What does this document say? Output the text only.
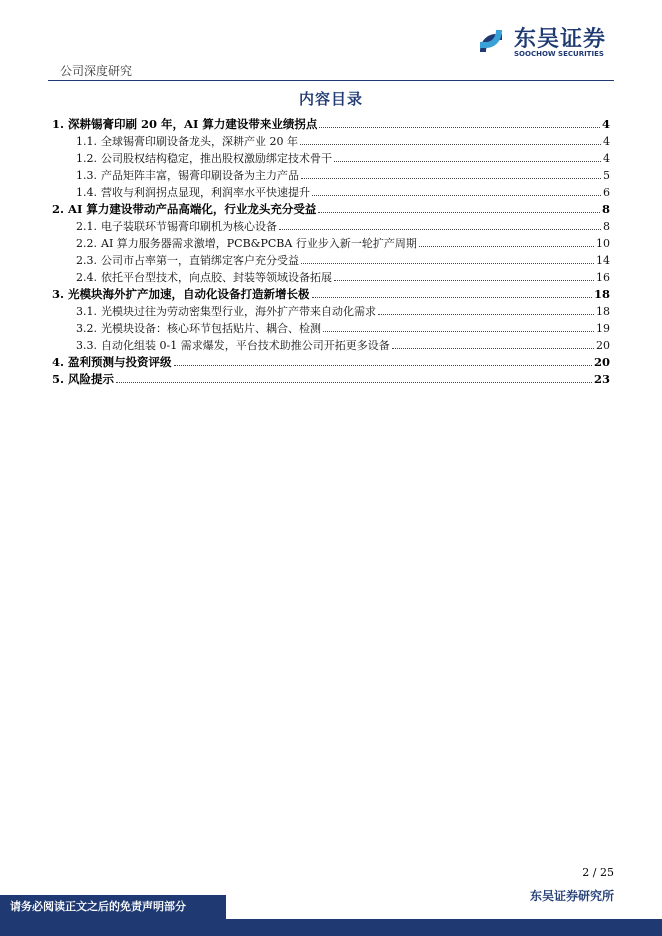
东吴证券
SOOCHOW SECURITIES
公司深度研究
内容目录
1. 深耕锡膏印刷 20 年，AI 算力建设带来业绩拐点	4
1.1. 全球锡膏印刷设备龙头，深耕产业 20 年	4
1.2. 公司股权结构稳定，推出股权激励绑定技术骨干	4
1.3. 产品矩阵丰富，锡膏印刷设备为主力产品	5
1.4. 营收与利润拐点显现，利润率水平快速提升	6
2. AI 算力建设带动产品高端化，行业龙头充分受益	8
2.1. 电子装联环节锡膏印刷机为核心设备	8
2.2. AI 算力服务器需求激增，PCB&PCBA 行业步入新一轮扩产周期	10
2.3. 公司市占率第一，直销绑定客户充分受益	14
2.4. 依托平台型技术，向点胶、封装等领域设备拓展	16
3. 光模块海外扩产加速，自动化设备打造新增长极	18
3.1. 光模块过往为劳动密集型行业，海外扩产带来自动化需求	18
3.2. 光模块设备：核心环节包括贴片、耦合、检测	19
3.3. 自动化组装 0-1 需求爆发，平台技术助推公司开拓更多设备	20
4. 盈利预测与投资评级	20
5. 风险提示	23
2 / 25
东吴证券研究所
请务必阅读正文之后的免责声明部分
